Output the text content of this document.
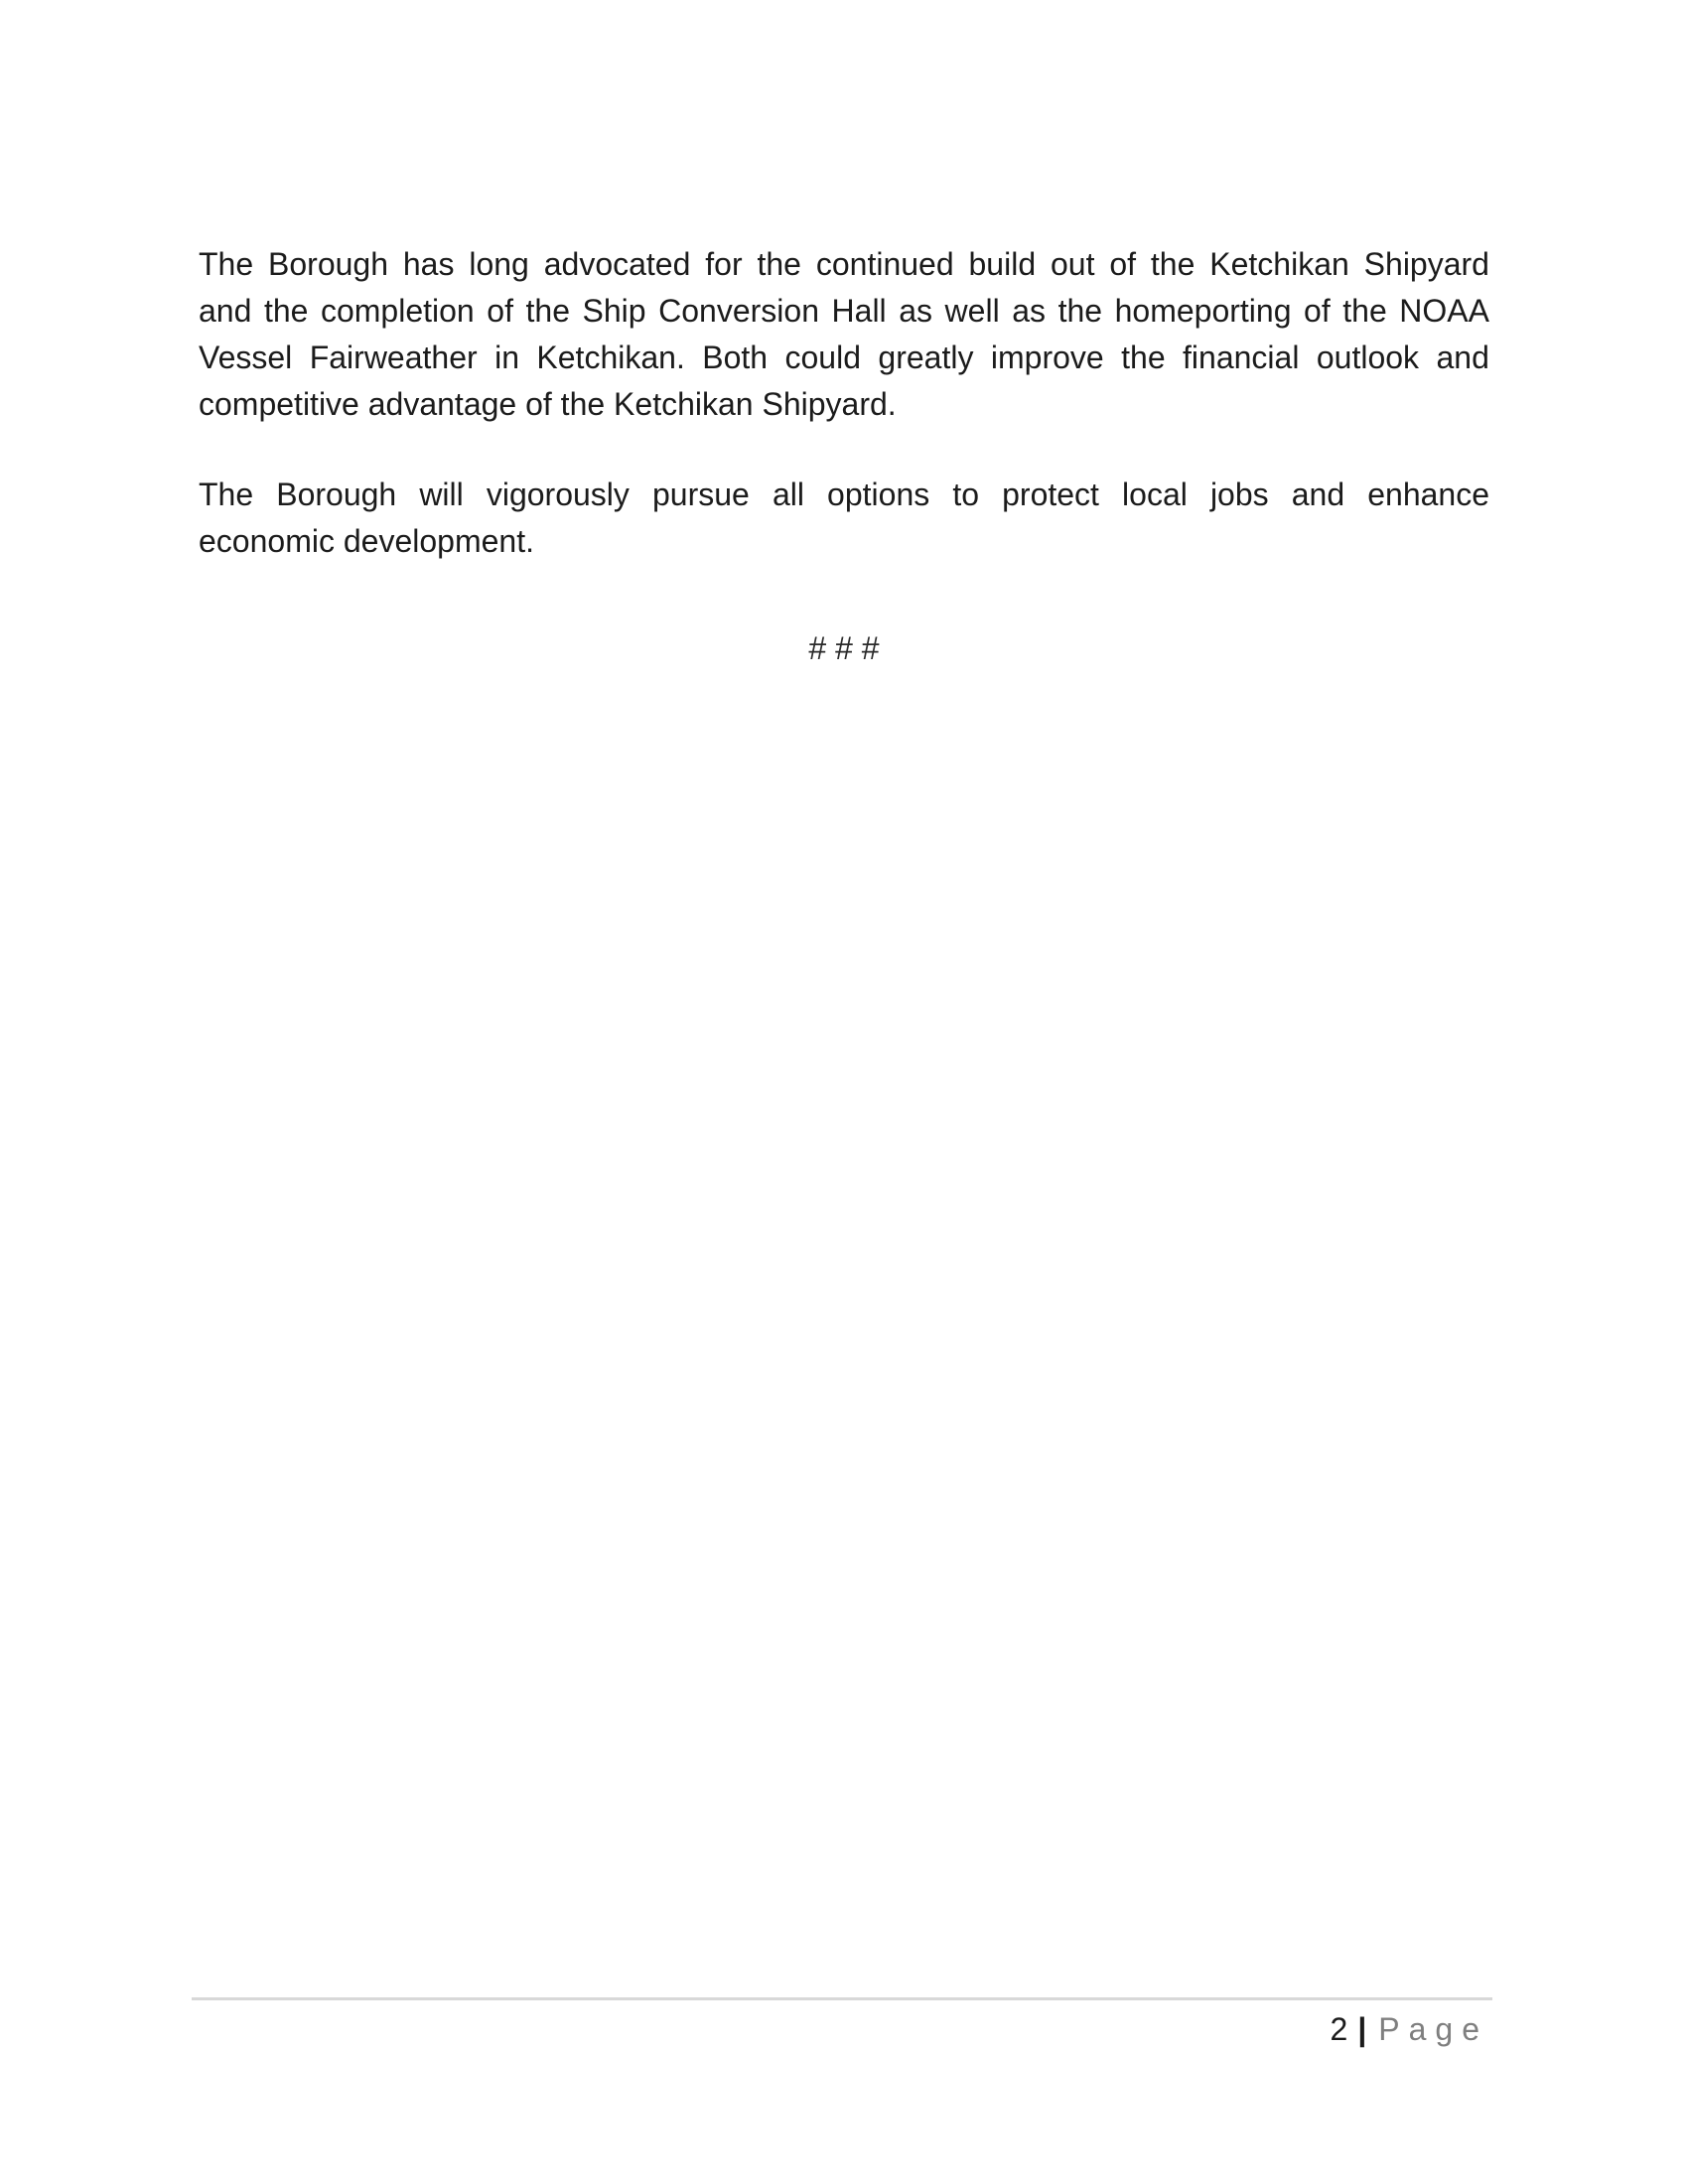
The Borough has long advocated for the continued build out of the Ketchikan Shipyard
and the completion of the Ship Conversion Hall as well as the homeporting of the NOAA
Vessel Fairweather in Ketchikan. Both could greatly improve the financial outlook and
competitive advantage of the Ketchikan Shipyard.
The Borough will vigorously pursue all options to protect local jobs and enhance
economic development.
# # #
2 | Page
